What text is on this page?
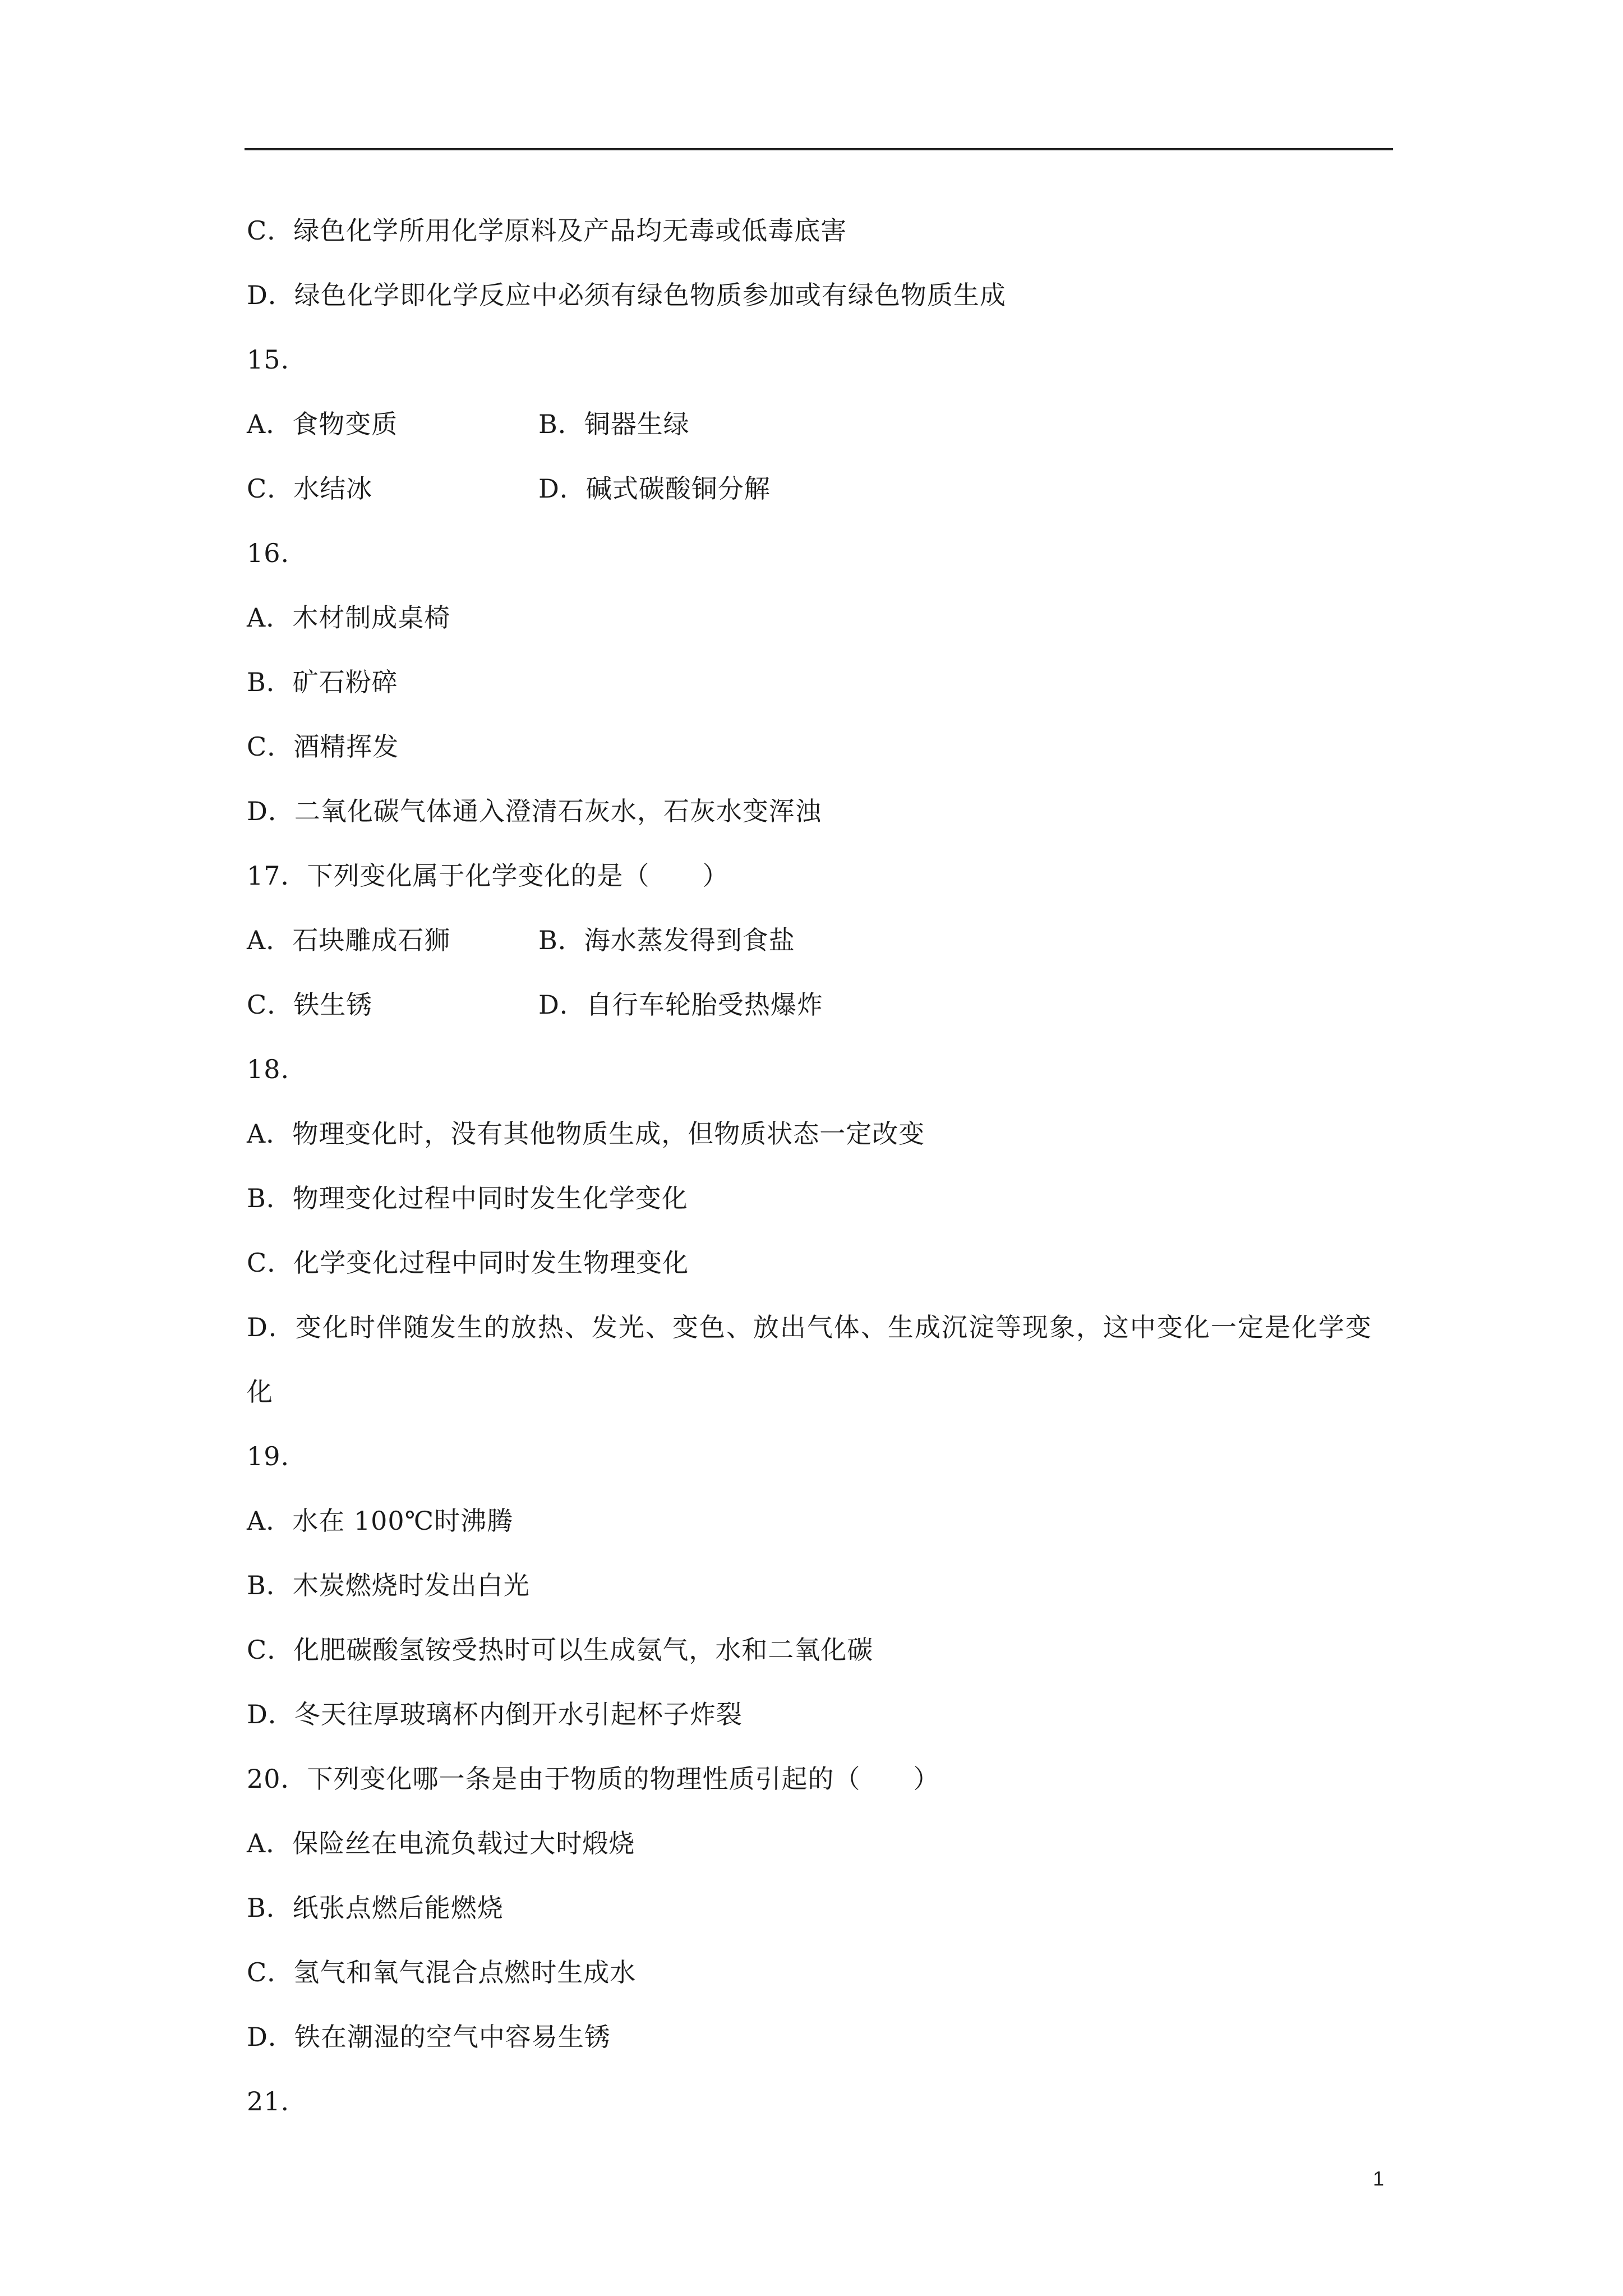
C．绿色化学所用化学原料及产品均无毒或低毒底害
D．绿色化学即化学反应中必须有绿色物质参加或有绿色物质生成
15.
A．食物变质	B．铜器生绿
C．水结冰	D．碱式碳酸铜分解
16.
A．木材制成桌椅
B．矿石粉碎
C．酒精挥发
D．二氧化碳气体通入澄清石灰水，石灰水变浑浊
17．下列变化属于化学变化的是（　　）
A．石块雕成石狮	B．海水蒸发得到食盐
C．铁生锈	D．自行车轮胎受热爆炸
18.
A．物理变化时，没有其他物质生成，但物质状态一定改变
B．物理变化过程中同时发生化学变化
C．化学变化过程中同时发生物理变化
D．变化时伴随发生的放热、发光、变色、放出气体、生成沉淀等现象，这中变化一定是化学变化
19.
A．水在 100℃时沸腾
B．木炭燃烧时发出白光
C．化肥碳酸氢铵受热时可以生成氨气，水和二氧化碳
D．冬天往厚玻璃杯内倒开水引起杯子炸裂
20．下列变化哪一条是由于物质的物理性质引起的（　　）
A．保险丝在电流负载过大时煅烧
B．纸张点燃后能燃烧
C．氢气和氧气混合点燃时生成水
D．铁在潮湿的空气中容易生锈
21.
1
